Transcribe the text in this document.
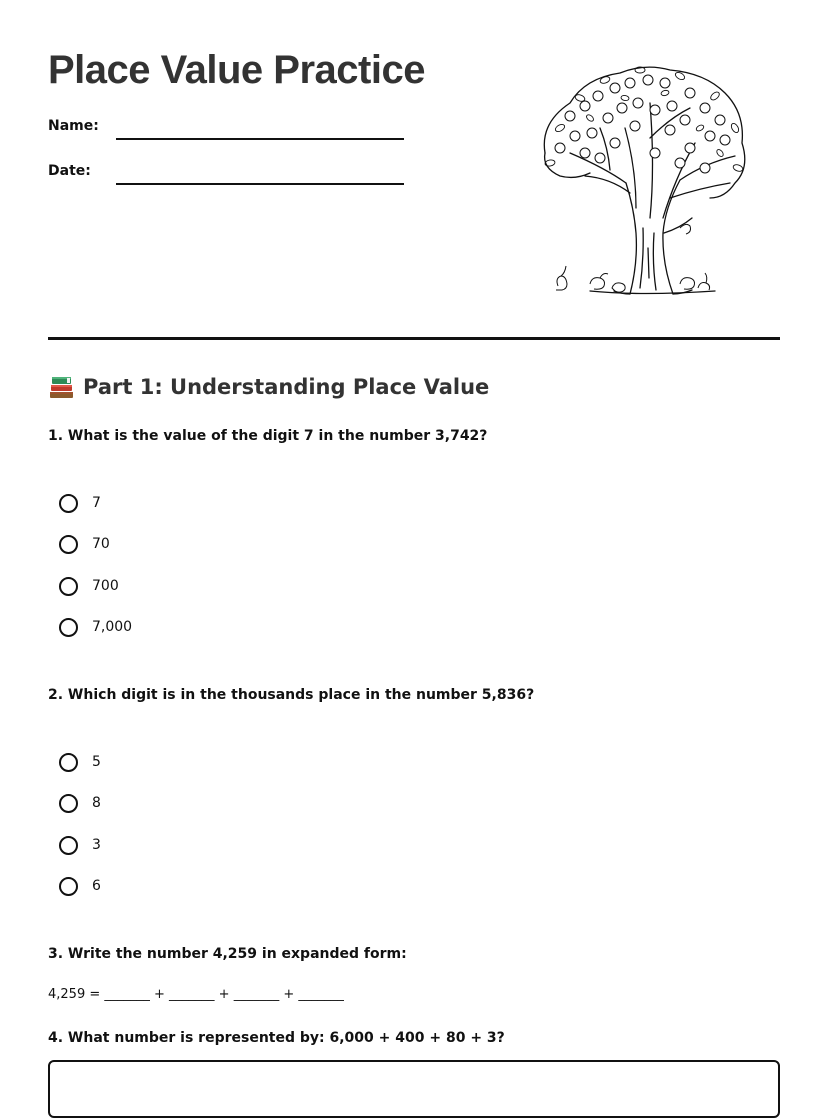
Place Value Practice
Name:
Date:
Part 1: Understanding Place Value

1. What is the value of the digit 7 in the number 3,742?

7
70
700
7,000

2. Which digit is in the thousands place in the number 5,836?

5
8
3
6

3. Write the number 4,259 in expanded form:

4,259 = _______ + _______ + _______ + _______

4. What number is represented by: 6,000 + 400 + 80 + 3?
